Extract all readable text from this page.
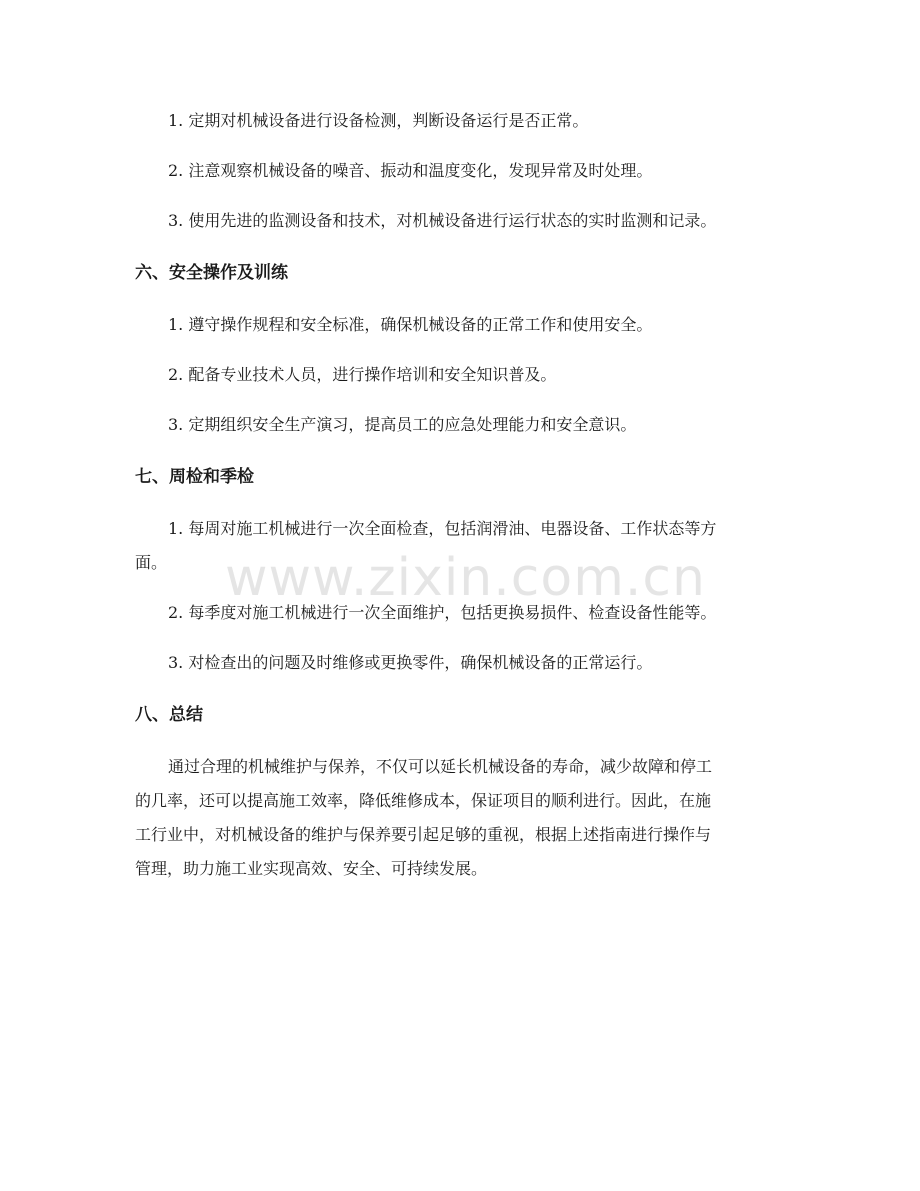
1. 定期对机械设备进行设备检测，判断设备运行是否正常。
2. 注意观察机械设备的噪音、振动和温度变化，发现异常及时处理。
3. 使用先进的监测设备和技术，对机械设备进行运行状态的实时监测和记录。
六、安全操作及训练
1. 遵守操作规程和安全标准，确保机械设备的正常工作和使用安全。
2. 配备专业技术人员，进行操作培训和安全知识普及。
3. 定期组织安全生产演习，提高员工的应急处理能力和安全意识。
七、周检和季检
1. 每周对施工机械进行一次全面检查，包括润滑油、电器设备、工作状态等方
面。
2. 每季度对施工机械进行一次全面维护，包括更换易损件、检查设备性能等。
3. 对检查出的问题及时维修或更换零件，确保机械设备的正常运行。
八、总结
通过合理的机械维护与保养，不仅可以延长机械设备的寿命，减少故障和停工
的几率，还可以提高施工效率，降低维修成本，保证项目的顺利进行。因此，在施
工行业中，对机械设备的维护与保养要引起足够的重视，根据上述指南进行操作与
管理，助力施工业实现高效、安全、可持续发展。
www.zixin.com.cn
